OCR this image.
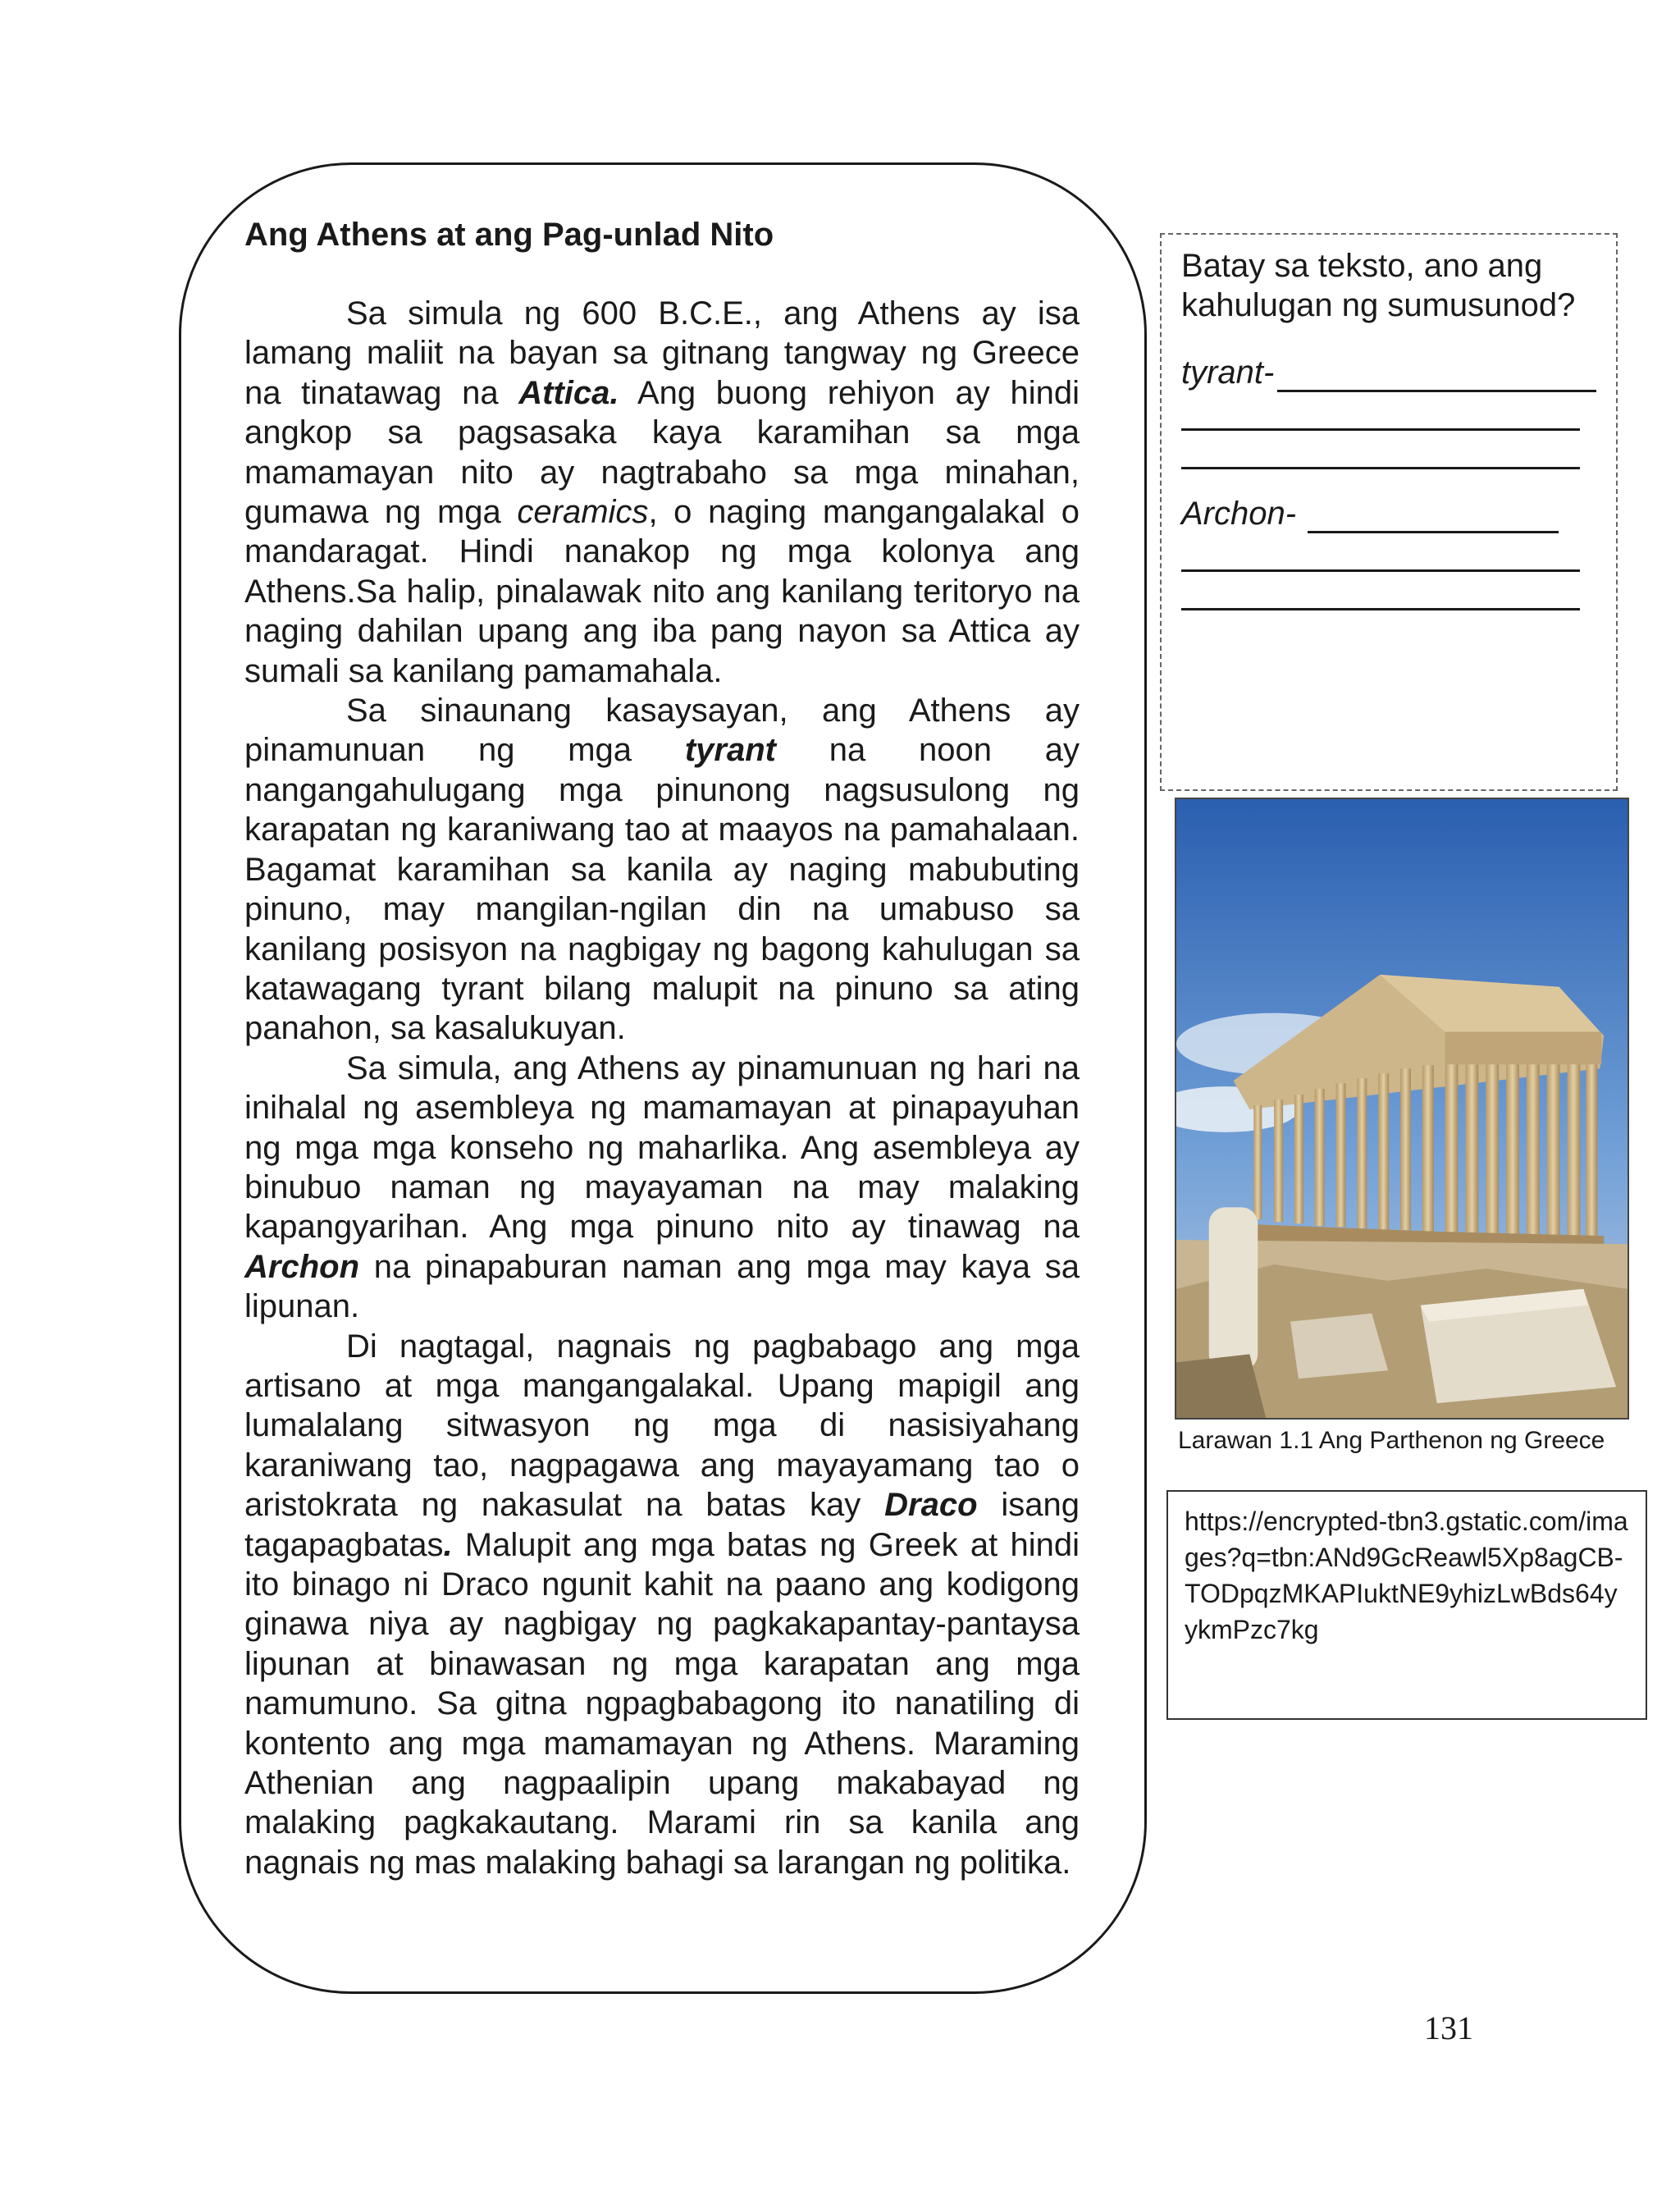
Ang Athens at ang Pag-unlad Nito

Sa simula ng 600 B.C.E., ang Athens ay isa lamang maliit na bayan sa gitnang tangway ng Greece na tinatawag na Attica. Ang buong rehiyon ay hindi angkop sa pagsasaka kaya karamihan sa mga mamamayan nito ay nagtrabaho sa mga minahan, gumawa ng mga ceramics, o naging mangangalakal o mandaragat. Hindi nanakop ng mga kolonya ang Athens.Sa halip, pinalawak nito ang kanilang teritoryo na naging dahilan upang ang iba pang nayon sa Attica ay sumali sa kanilang pamamahala.

Sa sinaunang kasaysayan, ang Athens ay pinamunuan ng mga tyrant na noon ay nangangahulugang mga pinunong nagsusulong ng karapatan ng karaniwang tao at maayos na pamahalaan. Bagamat karamihan sa kanila ay naging mabubuting pinuno, may mangilan-ngilan din na umabuso sa kanilang posisyon na nagbigay ng bagong kahulugan sa katawagang tyrant bilang malupit na pinuno sa ating panahon, sa kasalukuyan.

Sa simula, ang Athens ay pinamunuan ng hari na inihalal ng asembleya ng mamamayan at pinapayuhan ng mga mga konseho ng maharlika. Ang asembleya ay binubuo naman ng mayayaman na may malaking kapangyarihan. Ang mga pinuno nito ay tinawag na Archon na pinapaburan naman ang mga may kaya sa lipunan.

Di nagtagal, nagnais ng pagbabago ang mga artisano at mga mangangalakal. Upang mapigil ang lumalalang sitwasyon ng mga di nasisiyahang karaniwang tao, nagpagawa ang mayayamang tao o aristokrata ng nakasulat na batas kay Draco isang tagapagbatas. Malupit ang mga batas ng Greek at hindi ito binago ni Draco ngunit kahit na paano ang kodigong ginawa niya ay nagbigay ng pagkakapantay-pantaysa lipunan at binawasan ng mga karapatan ang mga namumuno. Sa gitna ngpagbabagong ito nanatiling di kontento ang mga mamamayan ng Athens. Maraming Athenian ang nagpaalipin upang makabayad ng malaking pagkakautang. Marami rin sa kanila ang nagnais ng mas malaking bahagi sa larangan ng politika.

Batay sa teksto, ano ang kahulugan ng sumusunod?

tyrant-
Archon-
Larawan 1.1 Ang Parthenon ng Greece
https://encrypted-tbn3.gstatic.com/images?q=tbn:ANd9GcReawl5Xp8agCB-TODpqzMKAPIuktNE9yhizLwBds64yykmPzc7kg
131
